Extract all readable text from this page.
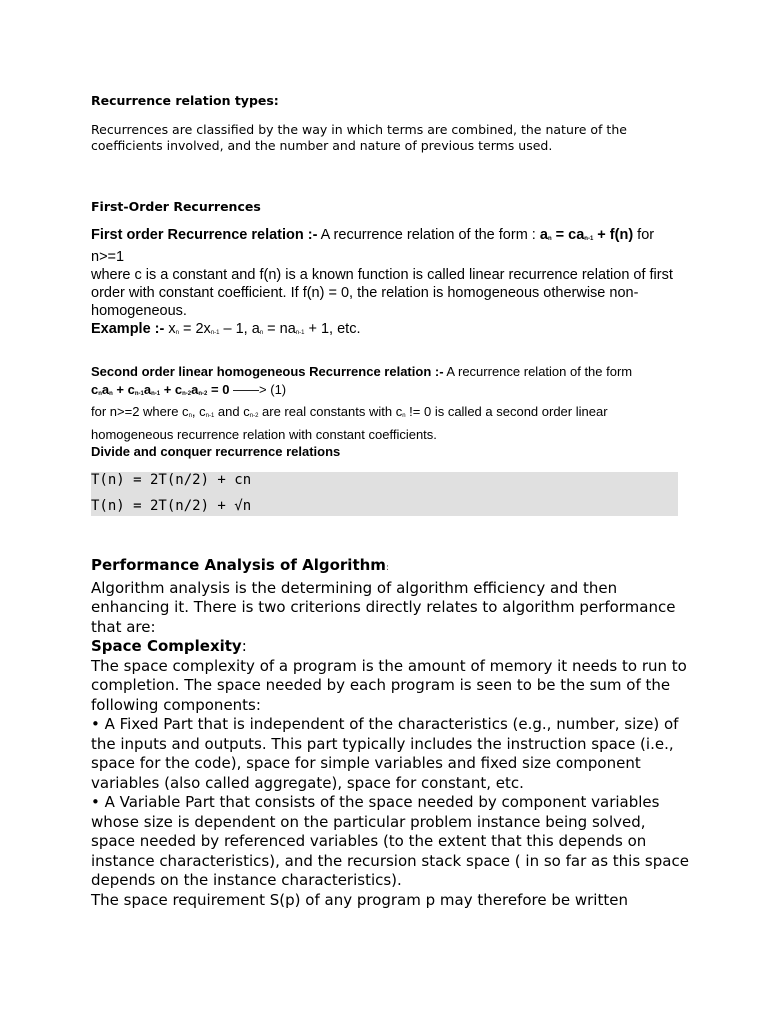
Recurrence relation types:

Recurrences are classified by the way in which terms are combined, the nature of the coefficients involved, and the number and nature of previous terms used.

First-Order Recurrences

First order Recurrence relation :- A recurrence relation of the form : an = can-1 + f(n) for n>=1

where c is a constant and f(n) is a known function is called linear recurrence relation of first order with constant coefficient. If f(n) = 0, the relation is homogeneous otherwise non-homogeneous.

Example :- xn = 2xn-1 – 1, an = nan-1 + 1, etc.

Second order linear homogeneous Recurrence relation :- A recurrence relation of the form

cnan + cn-1an-1 + cn-2an-2 = 0 ——> (1)

for n>=2 where cn, cn-1 and cn-2 are real constants with cn != 0 is called a second order linear homogeneous recurrence relation with constant coefficients.

Divide and conquer recurrence relations

T(n) = 2T(n/2) + cn

T(n) = 2T(n/2) + √n

Performance Analysis of Algorithm:

Algorithm analysis is the determining of algorithm efficiency and then enhancing it. There is two criterions directly relates to algorithm performance that are:

Space Complexity:

The space complexity of a program is the amount of memory it needs to run to completion. The space needed by each program is seen to be the sum of the following components:

• A Fixed Part that is independent of the characteristics (e.g., number, size) of the inputs and outputs. This part typically includes the instruction space (i.e., space for the code), space for simple variables and fixed size component variables (also called aggregate), space for constant, etc.

• A Variable Part that consists of the space needed by component variables whose size is dependent on the particular problem instance being solved, space needed by referenced variables (to the extent that this depends on instance characteristics), and the recursion stack space ( in so far as this space depends on the instance characteristics).

The space requirement S(p) of any program p may therefore be written
